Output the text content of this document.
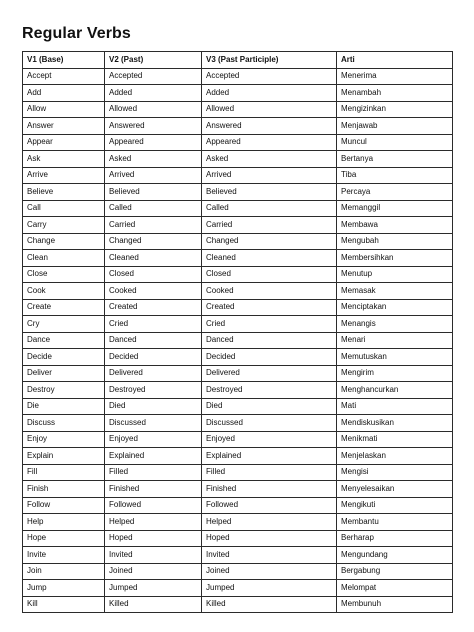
Regular Verbs
V1 (Base)	V2 (Past)	V3 (Past Participle)	Arti
Accept	Accepted	Accepted	Menerima
Add	Added	Added	Menambah
Allow	Allowed	Allowed	Mengizinkan
Answer	Answered	Answered	Menjawab
Appear	Appeared	Appeared	Muncul
Ask	Asked	Asked	Bertanya
Arrive	Arrived	Arrived	Tiba
Believe	Believed	Believed	Percaya
Call	Called	Called	Memanggil
Carry	Carried	Carried	Membawa
Change	Changed	Changed	Mengubah
Clean	Cleaned	Cleaned	Membersihkan
Close	Closed	Closed	Menutup
Cook	Cooked	Cooked	Memasak
Create	Created	Created	Menciptakan
Cry	Cried	Cried	Menangis
Dance	Danced	Danced	Menari
Decide	Decided	Decided	Memutuskan
Deliver	Delivered	Delivered	Mengirim
Destroy	Destroyed	Destroyed	Menghancurkan
Die	Died	Died	Mati
Discuss	Discussed	Discussed	Mendiskusikan
Enjoy	Enjoyed	Enjoyed	Menikmati
Explain	Explained	Explained	Menjelaskan
Fill	Filled	Filled	Mengisi
Finish	Finished	Finished	Menyelesaikan
Follow	Followed	Followed	Mengikuti
Help	Helped	Helped	Membantu
Hope	Hoped	Hoped	Berharap
Invite	Invited	Invited	Mengundang
Join	Joined	Joined	Bergabung
Jump	Jumped	Jumped	Melompat
Kill	Killed	Killed	Membunuh
